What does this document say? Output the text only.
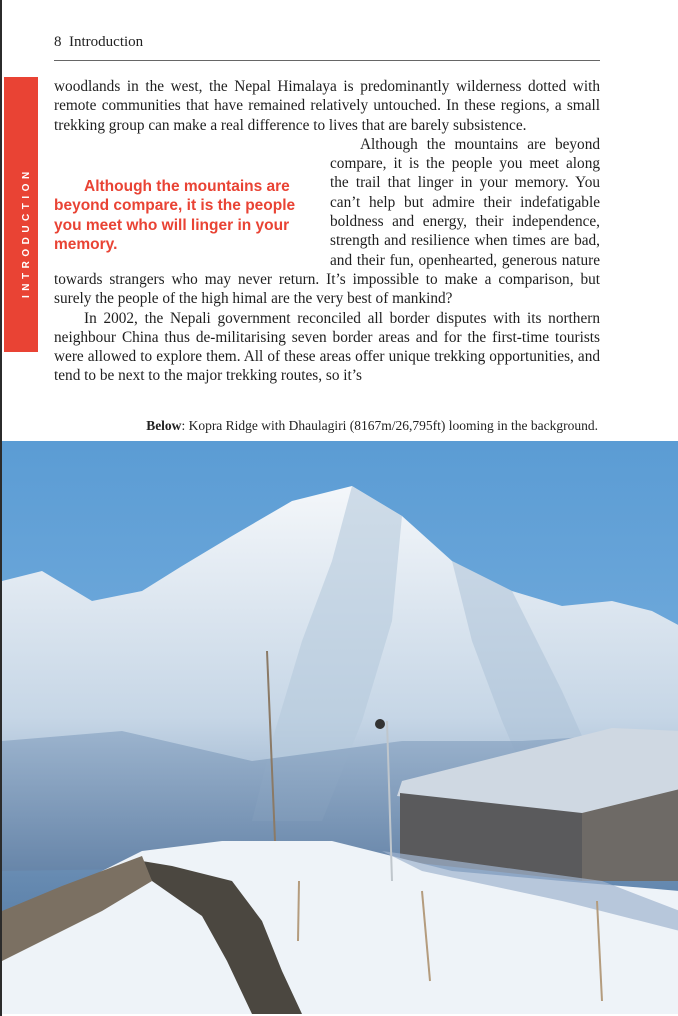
8 Introduction
INTRODUCTION

woodlands in the west, the Nepal Himalaya is predominantly wilderness dotted with remote communities that have remained relatively untouched. In these regions, a small trekking group can make a real difference to lives that are barely subsistence.

Although the mountains are beyond compare, it is the people you meet who will linger in your memory.
Although the mountains are beyond compare, it is the people you meet along the trail that linger in your memory. You can’t help but admire their indefatigable boldness and energy, their independence, strength and resilience when times are bad, and their fun, openhearted, generous nature towards strangers who may never return. It’s impossible to make a comparison, but surely the people of the high himal are the very best of mankind?

In 2002, the Nepali government reconciled all border disputes with its northern neighbour China thus de-militarising seven border areas and for the first-time tourists were allowed to explore them. All of these areas offer unique trekking opportunities, and tend to be next to the major trekking routes, so it’s

Below: Kopra Ridge with Dhaulagiri (8167m/26,795ft) looming in the background.
